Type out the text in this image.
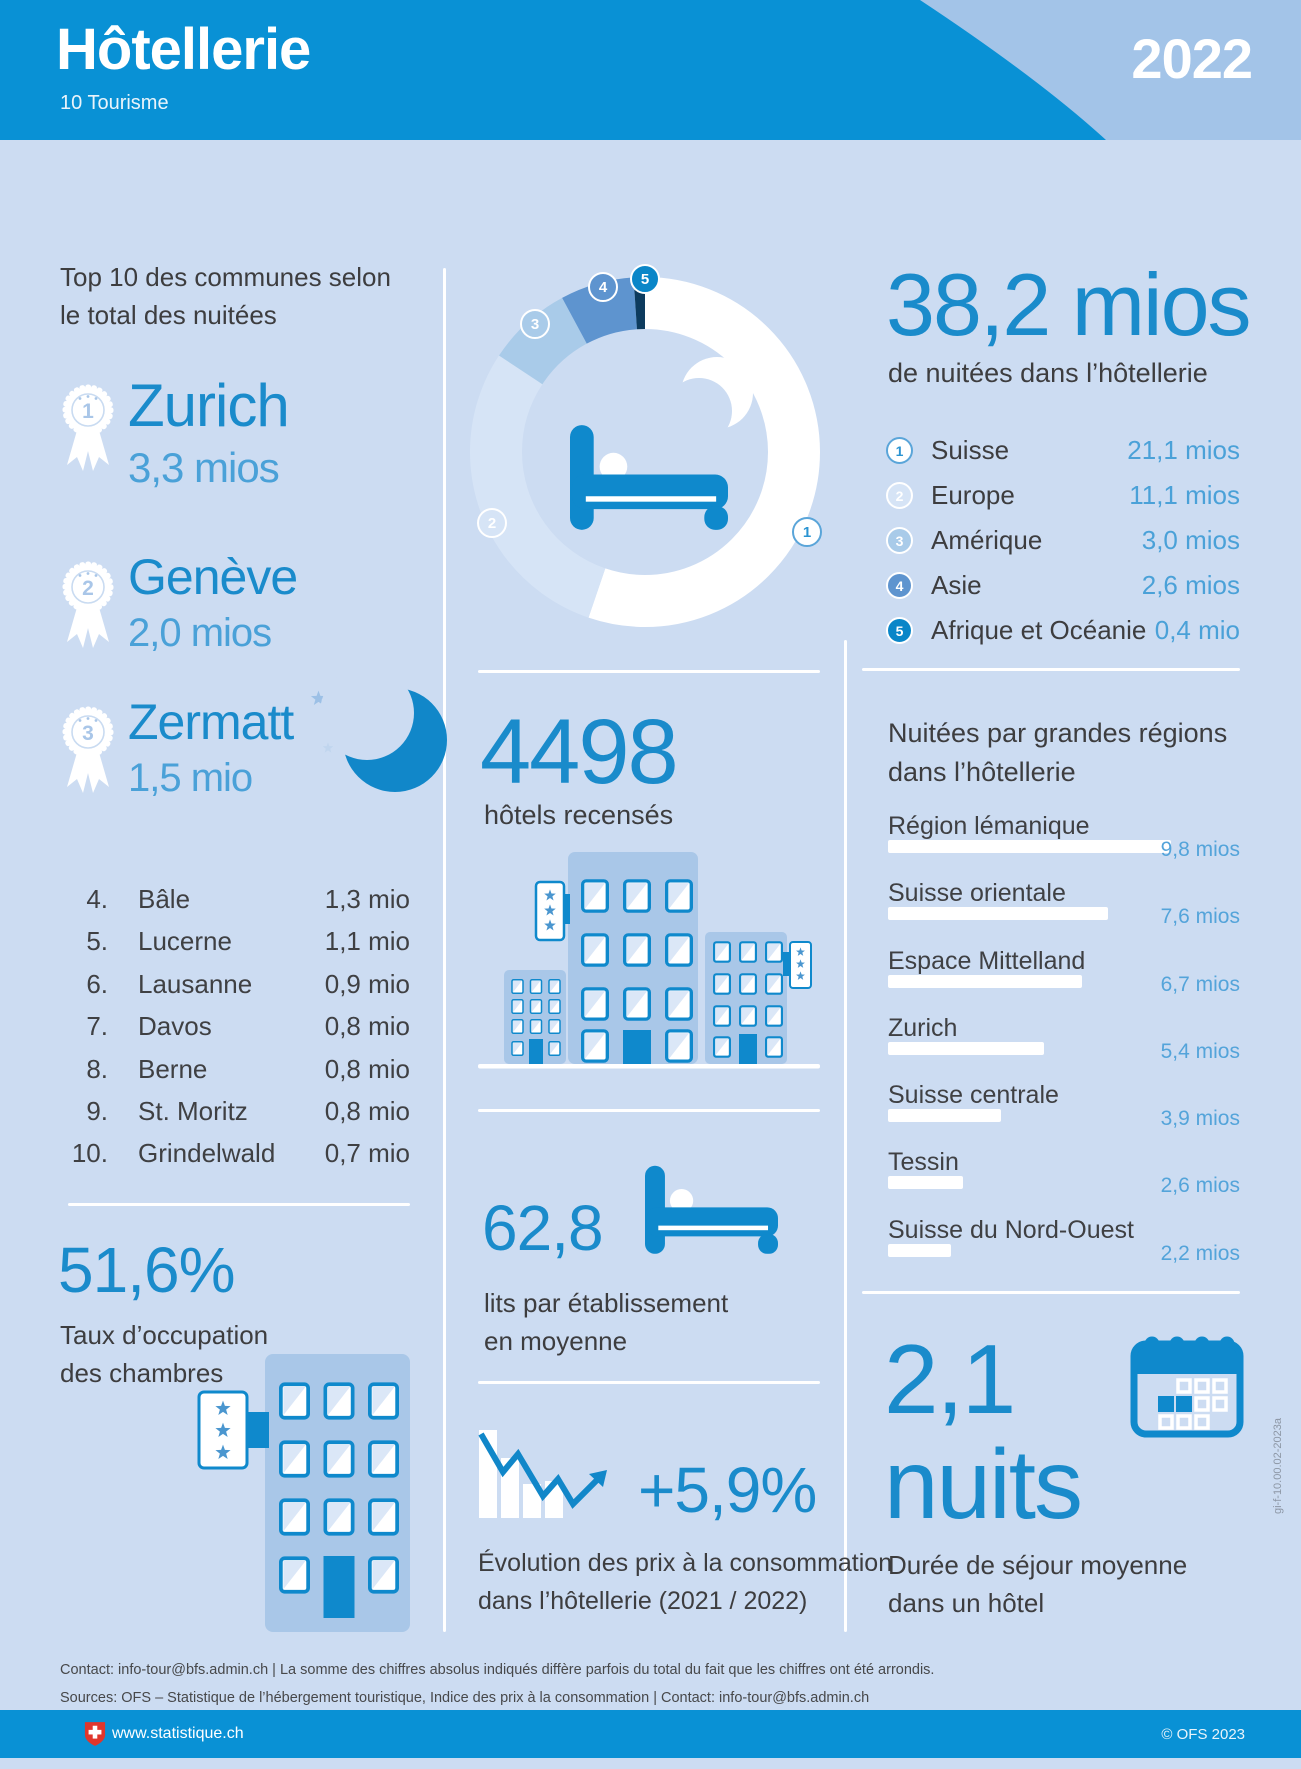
Hôtellerie
10 Tourisme
2022
Top 10 des communes selon
le total des nuitées
1 Zurich
3,3 mios
2 Genève
2,0 mios
3 Zermatt
1,5 mio
4. Bâle	1,3 mio
5. Lucerne	1,1 mio
6. Lausanne	0,9 mio
7. Davos	0,8 mio
8. Berne	0,8 mio
9. St. Moritz	0,8 mio
10. Grindelwald	0,7 mio
51,6%
Taux d’occupation
des chambres
1
2
3
4	5
4498
hôtels recensés
62,8
lits par établissement
en moyenne
+5,9%
Évolution des prix à la consommation
dans l’hôtellerie (2021 / 2022)
38,2 mios
de nuitées dans l’hôtellerie
1	Suisse	21,1 mios
2	Europe	11,1 mios
3	Amérique	3,0 mios
4	Asie	2,6 mios
5	Afrique et Océanie 0,4 mio
Nuitées par grandes régions
dans l’hôtellerie
Région lémanique
9,8 mios
Suisse orientale
7,6 mios
Espace Mittelland
6,7 mios
Zurich
5,4 mios
Suisse centrale
3,9 mios
Tessin
2,6 mios
Suisse du Nord-Ouest
2,2 mios
2,1
nuits
Durée de séjour moyenne
dans un hôtel
gi-f-10.00.02-2023a
Contact: info-tour@bfs.admin.ch | La somme des chiffres absolus indiqués diffère parfois du total du fait que les chiffres ont été arrondis.
Sources: OFS – Statistique de l’hébergement touristique, Indice des prix à la consommation | Contact: info-tour@bfs.admin.ch
www.statistique.ch	© OFS 2023
